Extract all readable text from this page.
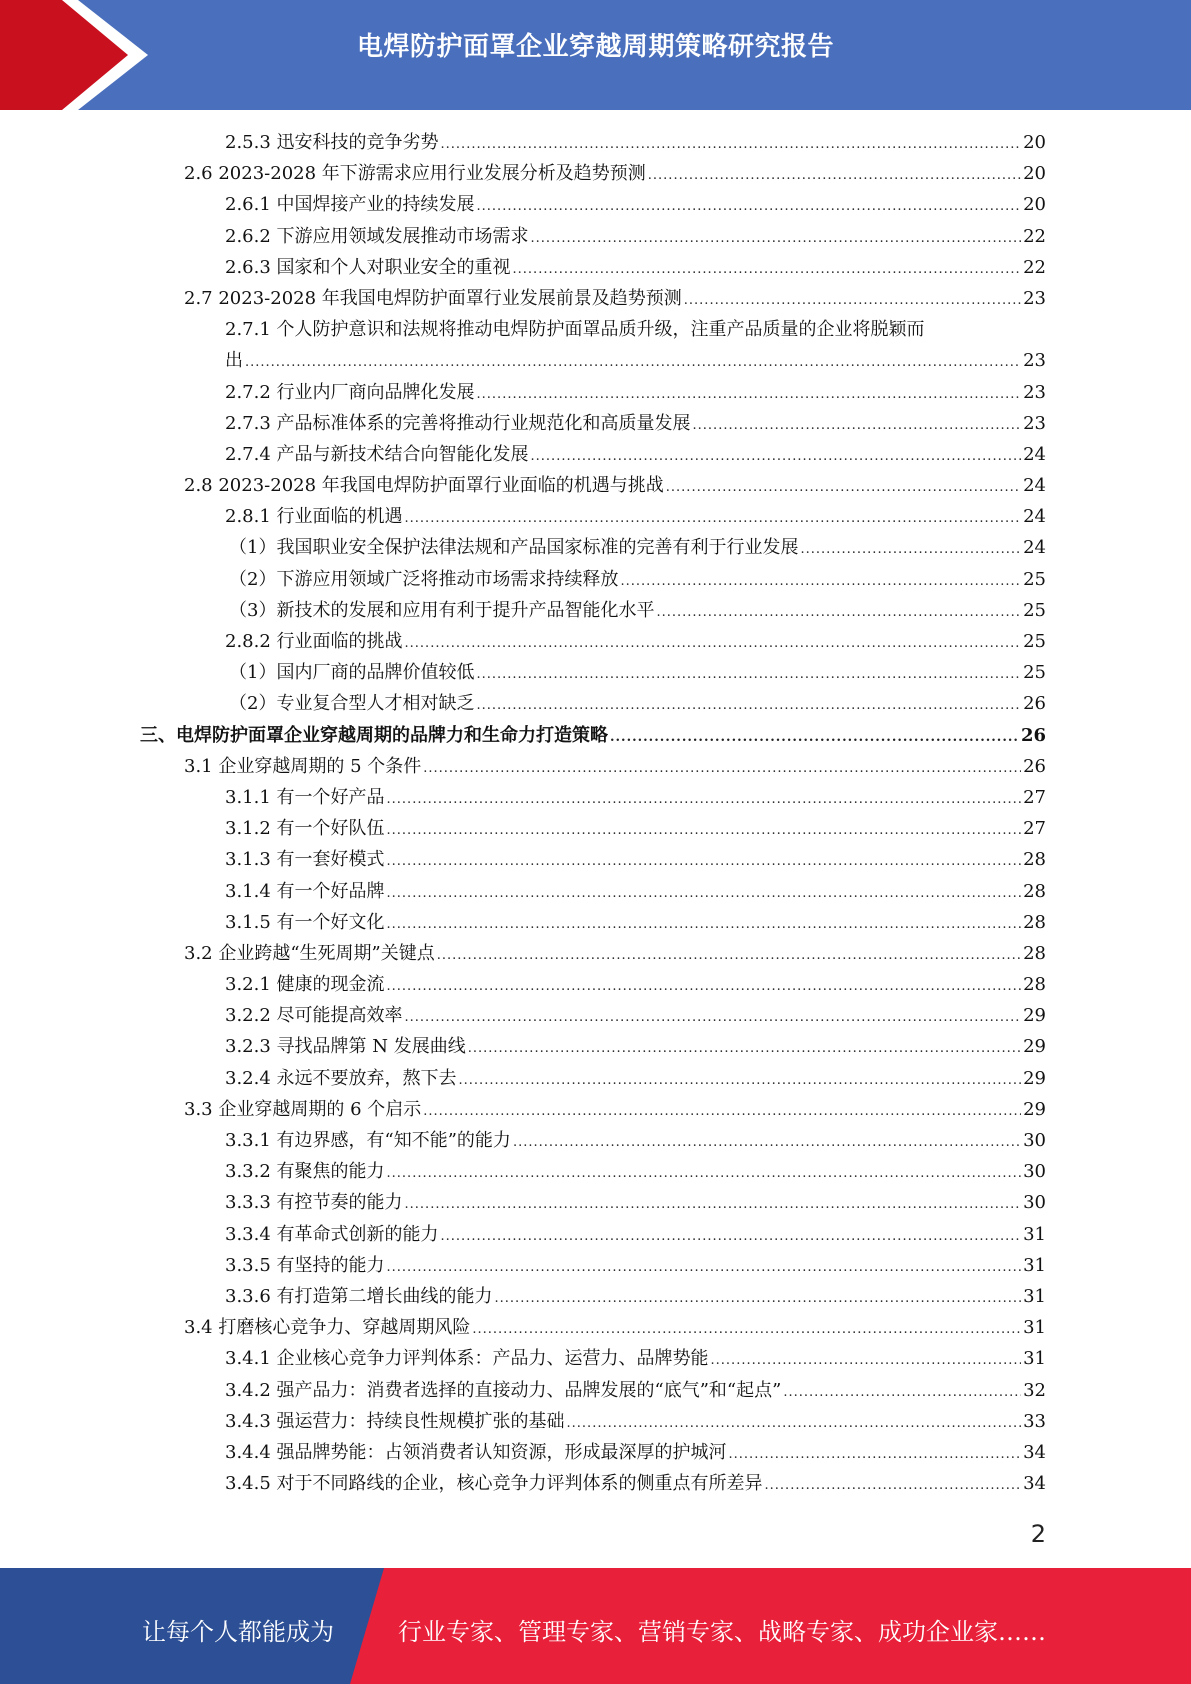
电焊防护面罩企业穿越周期策略研究报告
2.5.3 迅安科技的竞争劣势 .....	20
2.6 2023-2028 年下游需求应用行业发展分析及趋势预测 .....	20
2.6.1 中国焊接产业的持续发展 .....	20
2.6.2 下游应用领域发展推动市场需求 .....	22
2.6.3 国家和个人对职业安全的重视 .....	22
2.7 2023-2028 年我国电焊防护面罩行业发展前景及趋势预测 .....	23
2.7.1 个人防护意识和法规将推动电焊防护面罩品质升级，注重产品质量的企业将脱颖而
出 .....	23
2.7.2 行业内厂商向品牌化发展 .....	23
2.7.3 产品标准体系的完善将推动行业规范化和高质量发展 .....	23
2.7.4 产品与新技术结合向智能化发展 .....	24
2.8 2023-2028 年我国电焊防护面罩行业面临的机遇与挑战 .....	24
2.8.1 行业面临的机遇 .....	24
（1）我国职业安全保护法律法规和产品国家标准的完善有利于行业发展 .....	24
（2）下游应用领域广泛将推动市场需求持续释放 .....	25
（3）新技术的发展和应用有利于提升产品智能化水平 .....	25
2.8.2 行业面临的挑战 .....	25
（1）国内厂商的品牌价值较低 .....	25
（2）专业复合型人才相对缺乏 .....	26
三、电焊防护面罩企业穿越周期的品牌力和生命力打造策略 .....	26
3.1 企业穿越周期的 5 个条件 .....	26
3.1.1 有一个好产品 .....	27
3.1.2 有一个好队伍 .....	27
3.1.3 有一套好模式 .....	28
3.1.4 有一个好品牌 .....	28
3.1.5 有一个好文化 .....	28
3.2 企业跨越“生死周期”关键点 .....	28
3.2.1 健康的现金流 .....	28
3.2.2 尽可能提高效率 .....	29
3.2.3 寻找品牌第 N 发展曲线 .....	29
3.2.4 永远不要放弃，熬下去 .....	29
3.3 企业穿越周期的 6 个启示 .....	29
3.3.1 有边界感，有“知不能”的能力 .....	30
3.3.2 有聚焦的能力 .....	30
3.3.3 有控节奏的能力 .....	30
3.3.4 有革命式创新的能力 .....	31
3.3.5 有坚持的能力 .....	31
3.3.6 有打造第二增长曲线的能力 .....	31
3.4 打磨核心竞争力、穿越周期风险 .....	31
3.4.1 企业核心竞争力评判体系：产品力、运营力、品牌势能 .....	31
3.4.2 强产品力：消费者选择的直接动力、品牌发展的“底气”和“起点” .....	32
3.4.3 强运营力：持续良性规模扩张的基础 .....	33
3.4.4 强品牌势能：占领消费者认知资源，形成最深厚的护城河 .....	34
3.4.5 对于不同路线的企业，核心竞争力评判体系的侧重点有所差异 .....	34
2
让每个人都能成为	行业专家、管理专家、营销专家、战略专家、成功企业家……
